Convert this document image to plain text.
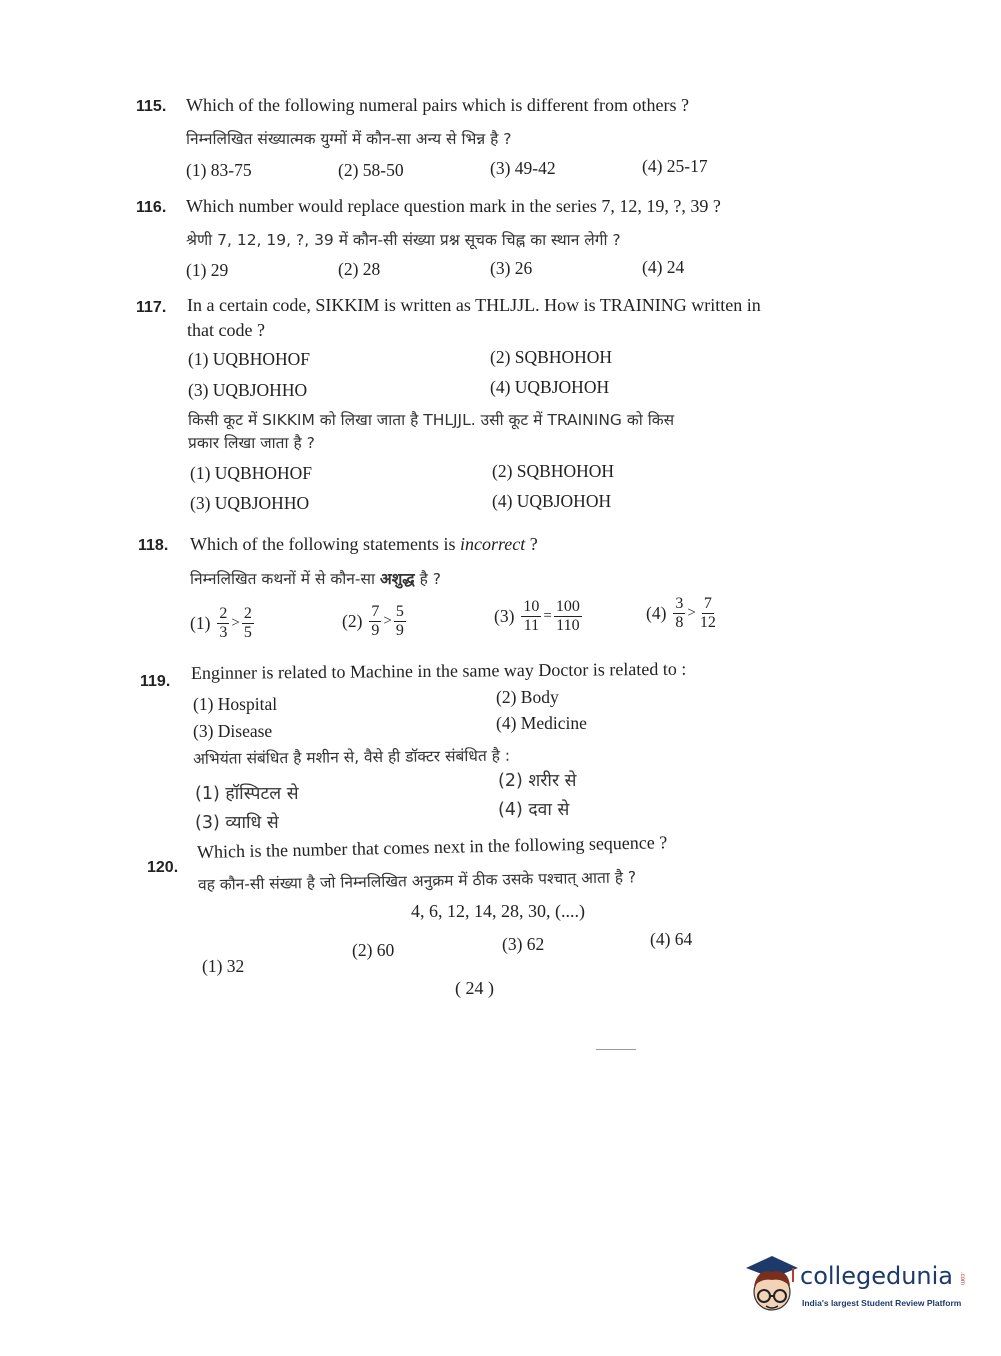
115. Which of the following numeral pairs which is different from others ?
निम्नलिखित संख्यात्मक युग्मों में कौन-सा अन्य से भिन्न है ?
(1) 83-75	(2) 58-50	(3) 49-42	(4) 25-17
116. Which number would replace question mark in the series 7, 12, 19, ?, 39 ?
श्रेणी 7, 12, 19, ?, 39 में कौन-सी संख्या प्रश्न सूचक चिह्न का स्थान लेगी ?
(1) 29	(2) 28	(3) 26	(4) 24
117. In a certain code, SIKKIM is written as THLJJL. How is TRAINING written in
that code ?
(1) UQBHOHOF	(2) SQBHOHOH
(3) UQBJOHHO	(4) UQBJOHOH
किसी कूट में SIKKIM को लिखा जाता है THLJJL. उसी कूट में TRAINING को किस
प्रकार लिखा जाता है ?
(1) UQBHOHOF	(2) SQBHOHOH
(3) UQBJOHHO	(4) UQBJOHOH
118. Which of the following statements is incorrect ?
निम्नलिखित कथनों में से कौन-सा अशुद्ध है ?
$(1) \frac{2}{3} > \frac{2}{5}$	$(2) \frac{7}{9} > \frac{5}{9}$	$(3) \frac{10}{11} = \frac{100}{110}$	$(4) \frac{3}{8} > \frac{7}{12}$
119. Enginner is related to Machine in the same way Doctor is related to :
(1) Hospital	(2) Body
(3) Disease	(4) Medicine
अभियंता संबंधित है मशीन से, वैसे ही डॉक्टर संबंधित है :
(1) हॉस्पिटल से
(2) शरीर से
(3) व्याधि से
(4) दवा से
120.
Which is the number that comes next in the following sequence ?
वह कौन-सी संख्या है जो निम्नलिखित अनुक्रम में ठीक उसके पश्चात् आता है ?
4, 6, 12, 14, 28, 30, (....)
(1) 32
(2) 60	(3) 62	(4) 64
( 24 )
collegedunia .com
India's largest Student Review Platform
